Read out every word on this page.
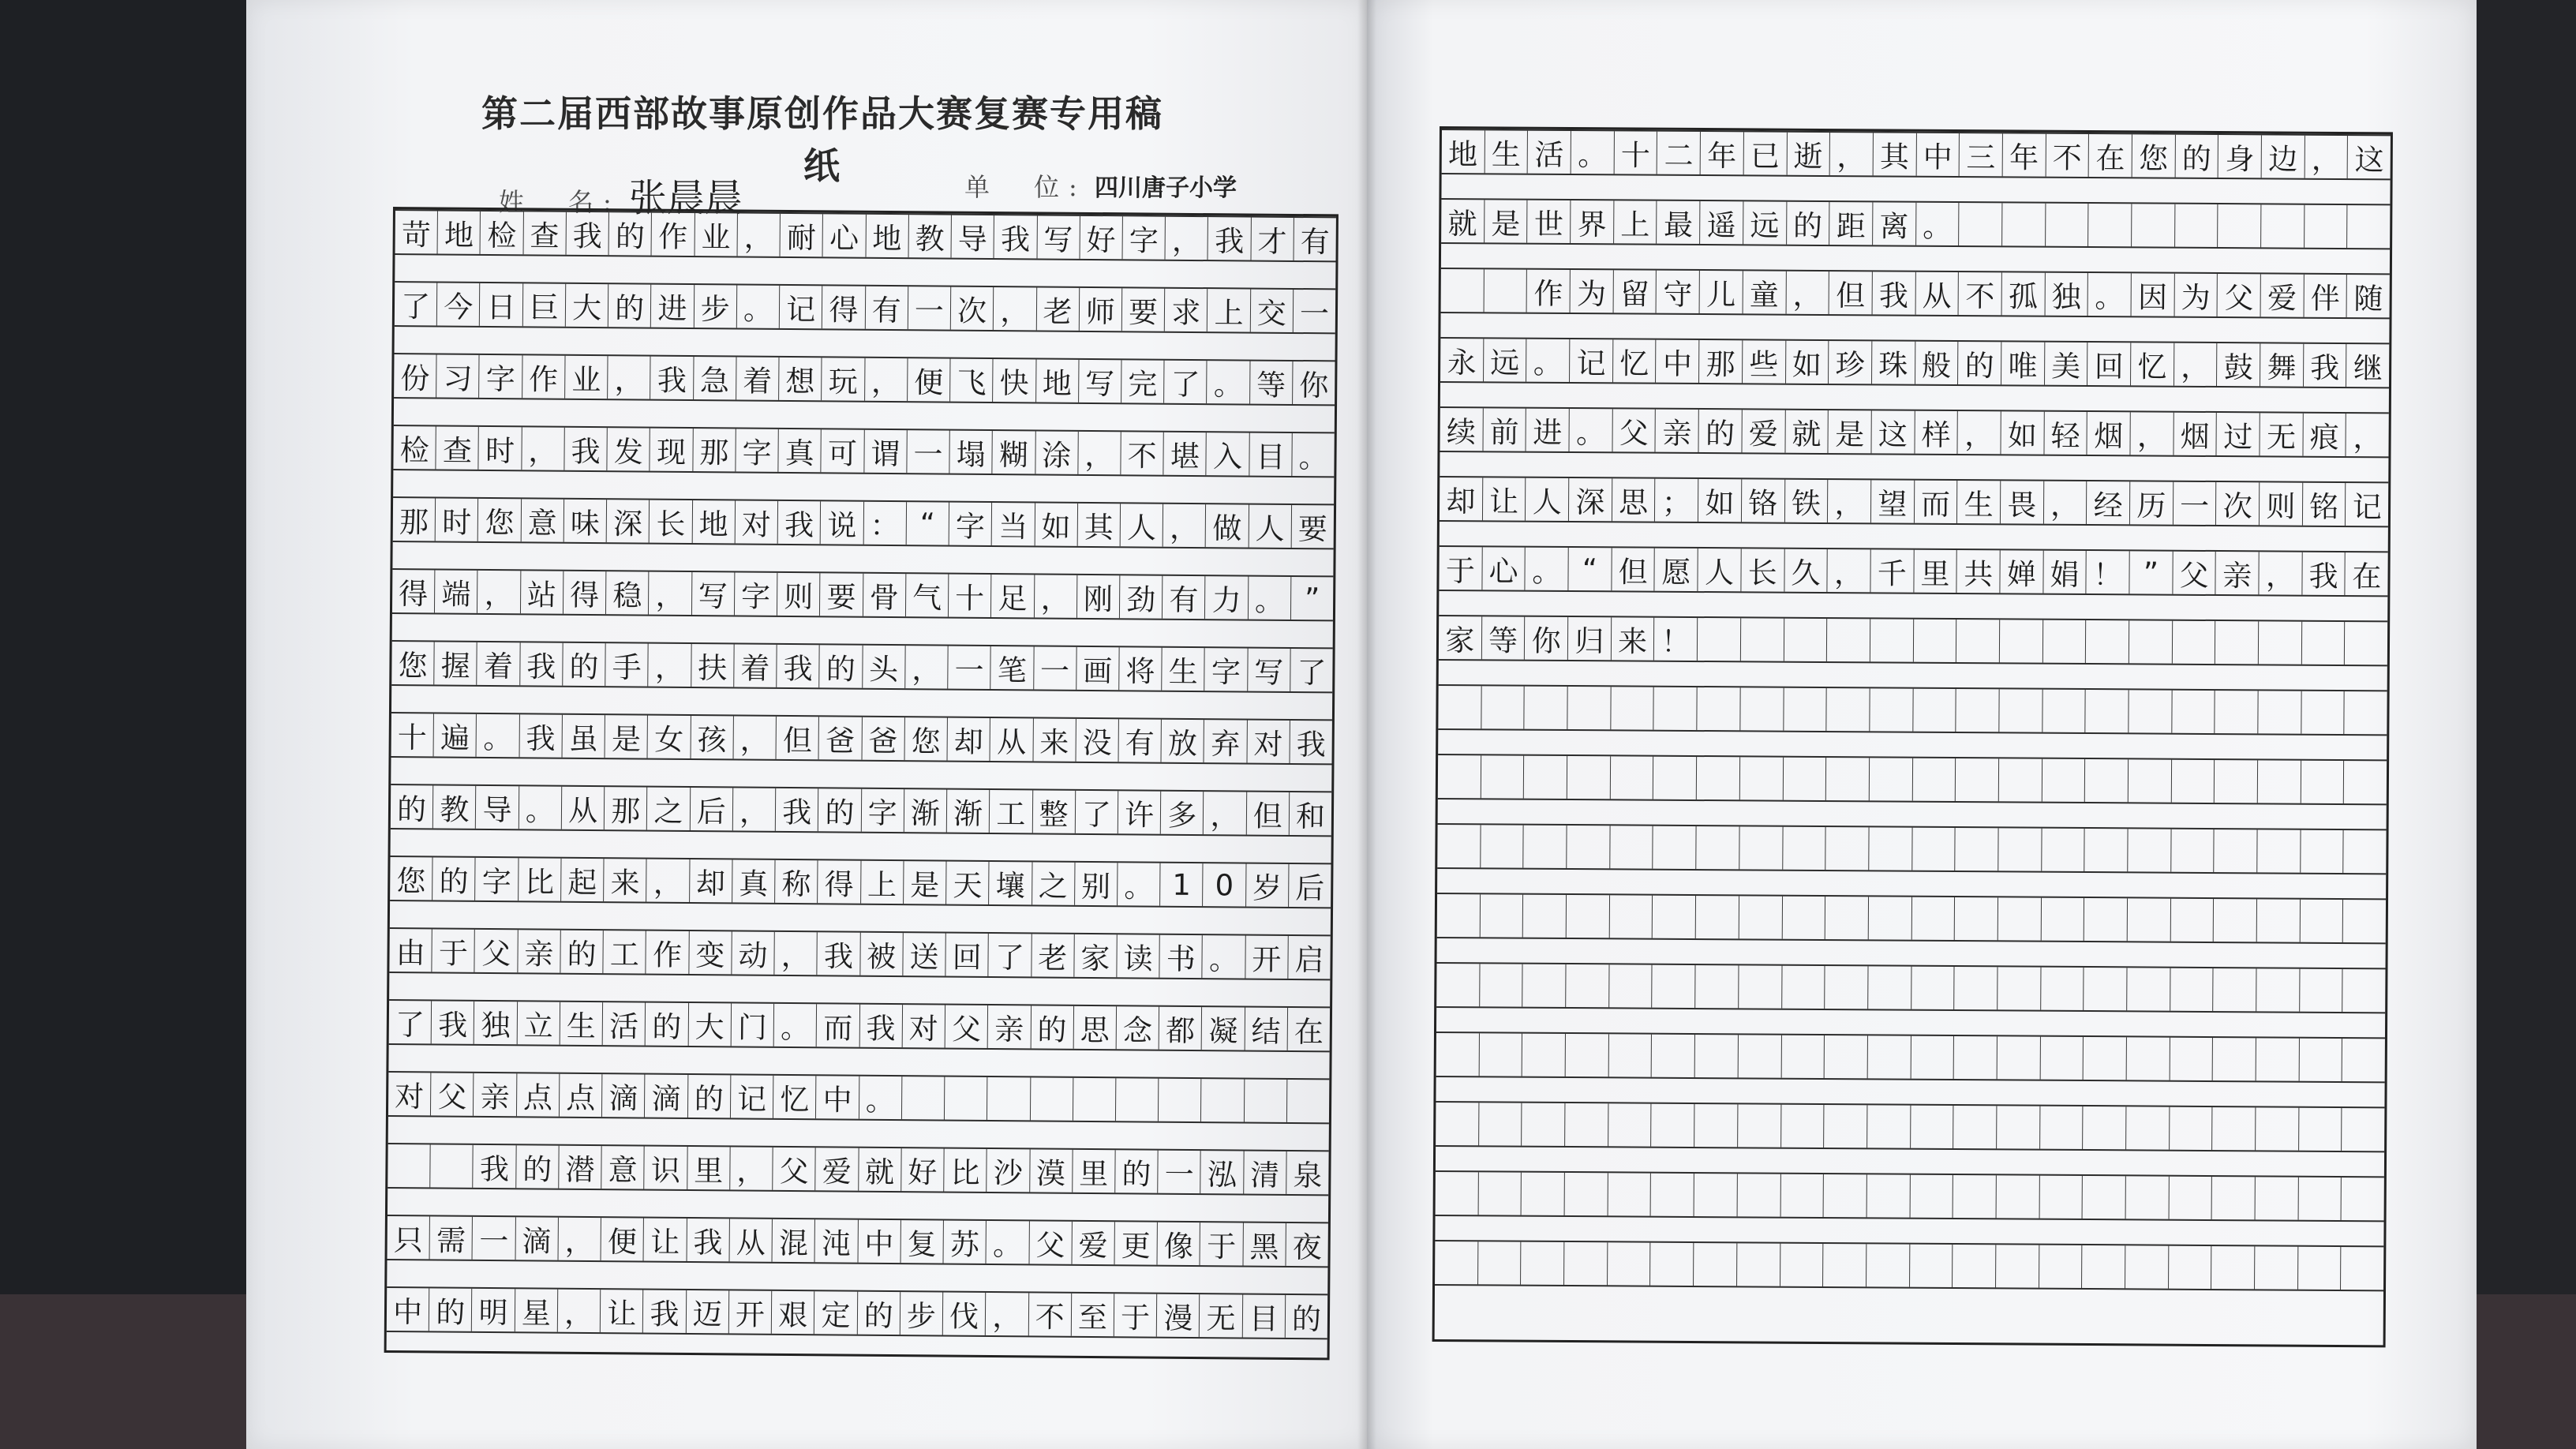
第二届西部故事原创作品大赛复赛专用稿纸
姓　名: 张晨晨	单　位: 四川唐子小学
苛 地 检 查 我 的 作 业 ， 耐 心 地 教 导 我 写 好 字 ， 我 才 有
了 今 日 巨 大 的 进 步 。 记 得 有 一 次 ， 老 师 要 求 上 交 一
份 习 字 作 业 ， 我 急 着 想 玩 ， 便 飞 快 地 写 完 了 。 等 你
检 查 时 ， 我 发 现 那 字 真 可 谓 一 塌 糊 涂 ， 不 堪 入 目 。
那 时 您 意 味 深 长 地 对 我 说 ： “ 字 当 如 其 人 ， 做 人 要
得 端 ， 站 得 稳 ， 写 字 则 要 骨 气 十 足 ， 刚 劲 有 力 。 ”
您 握 着 我 的 手 ， 扶 着 我 的 头 ， 一 笔 一 画 将 生 字 写 了
十 遍 。 我 虽 是 女 孩 ， 但 爸 爸 您 却 从 来 没 有 放 弃 对 我
的 教 导 。 从 那 之 后 ， 我 的 字 渐 渐 工 整 了 许 多 ， 但 和
您 的 字 比 起 来 ， 却 真 称 得 上 是 天 壤 之 别 。 1 0 岁 后
由 于 父 亲 的 工 作 变 动 ， 我 被 送 回 了 老 家 读 书 。 开 启
了 我 独 立 生 活 的 大 门 。 而 我 对 父 亲 的 思 念 都 凝 结 在
对 父 亲 点 点 滴 滴 的 记 忆 中 。

我 的 潜 意 识 里 ， 父 爱 就 好 比 沙 漠 里 的 一 泓 清 泉
只 需 一 滴 ， 便 让 我 从 混 沌 中 复 苏 。 父 爱 更 像 于 黑 夜
中 的 明 星 ， 让 我 迈 开 艰 定 的 步 伐 ， 不 至 于 漫 无 目 的
地 生 活 。 十 二 年 已 逝 ， 其 中 三 年 不 在 您 的 身 边 ， 这
就 是 世 界 上 最 遥 远 的 距 离 。

作 为 留 守 儿 童 ， 但 我 从 不 孤 独 。 因 为 父 爱 伴 随
永 远 。 记 忆 中 那 些 如 珍 珠 般 的 唯 美 回 忆 ， 鼓 舞 我 继
续 前 进 。 父 亲 的 爱 就 是 这 样 ， 如 轻 烟 ， 烟 过 无 痕 ，
却 让 人 深 思 ； 如 铬 铁 ， 望 而 生 畏 ， 经 历 一 次 则 铭 记
于 心 。 “ 但 愿 人 长 久 ， 千 里 共 婵 娟 ！ ” 父 亲 ， 我 在
家 等 你 归 来 ！
